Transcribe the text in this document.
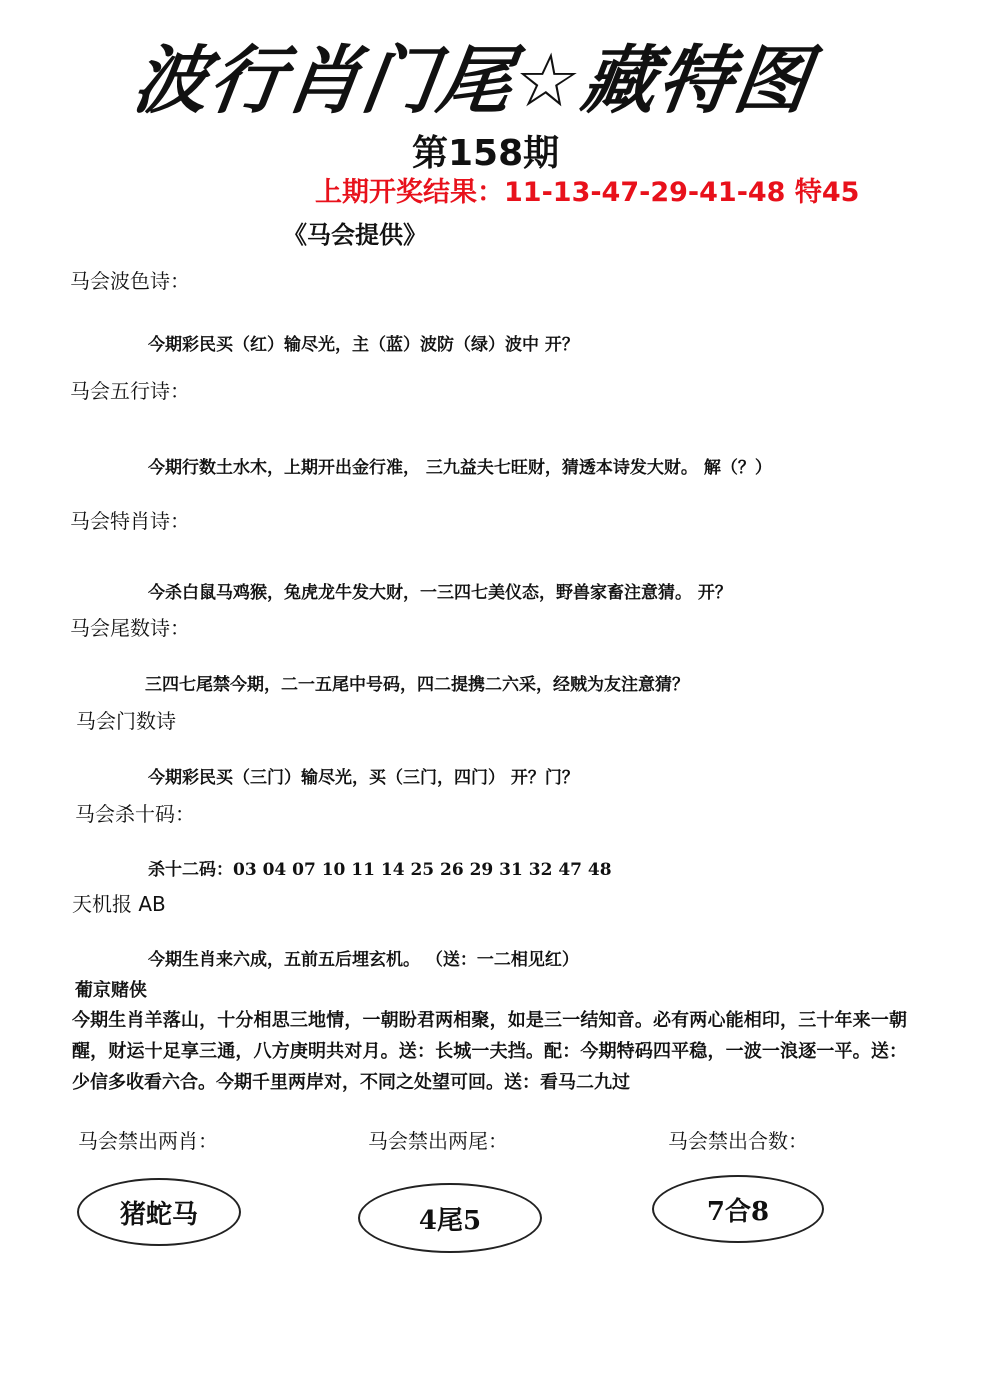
波行肖门尾☆藏特图
第158期
上期开奖结果：11-13-47-29-41-48 特45
《马会提供》
马会波色诗：
今期彩民买（红）输尽光，主（蓝）波防（绿）波中 开？
马会五行诗：
今期行数土水木，上期开出金行准， 三九益夫七旺财，猜透本诗发大财。 解（？）
马会特肖诗：
今杀白鼠马鸡猴，兔虎龙牛发大财，一三四七美仪态，野兽家畜注意猜。 开？
马会尾数诗：
三四七尾禁今期，二一五尾中号码，四二提携二六采，经贼为友注意猜？
马会门数诗
今期彩民买（三门）输尽光，买（三门，四门） 开？门？
马会杀十码：
杀十二码：03 04 07 10 11 14 25 26 29 31 32 47 48
天机报 AB
今期生肖来六成，五前五后埋玄机。 （送：一二相见红）
葡京赌侠
今期生肖羊落山，十分相思三地情，一朝盼君两相聚，如是三一结知音。必有两心能相印，三十年来一朝醒，财运十足享三通，八方庚明共对月。送：长城一夫挡。配：今期特码四平稳，一波一浪逐一平。送：少信多收看六合。今期千里两岸对，不同之处望可回。送：看马二九过
马会禁出两肖：	马会禁出两尾：	马会禁出合数：
猪蛇马	4尾5	7合8
